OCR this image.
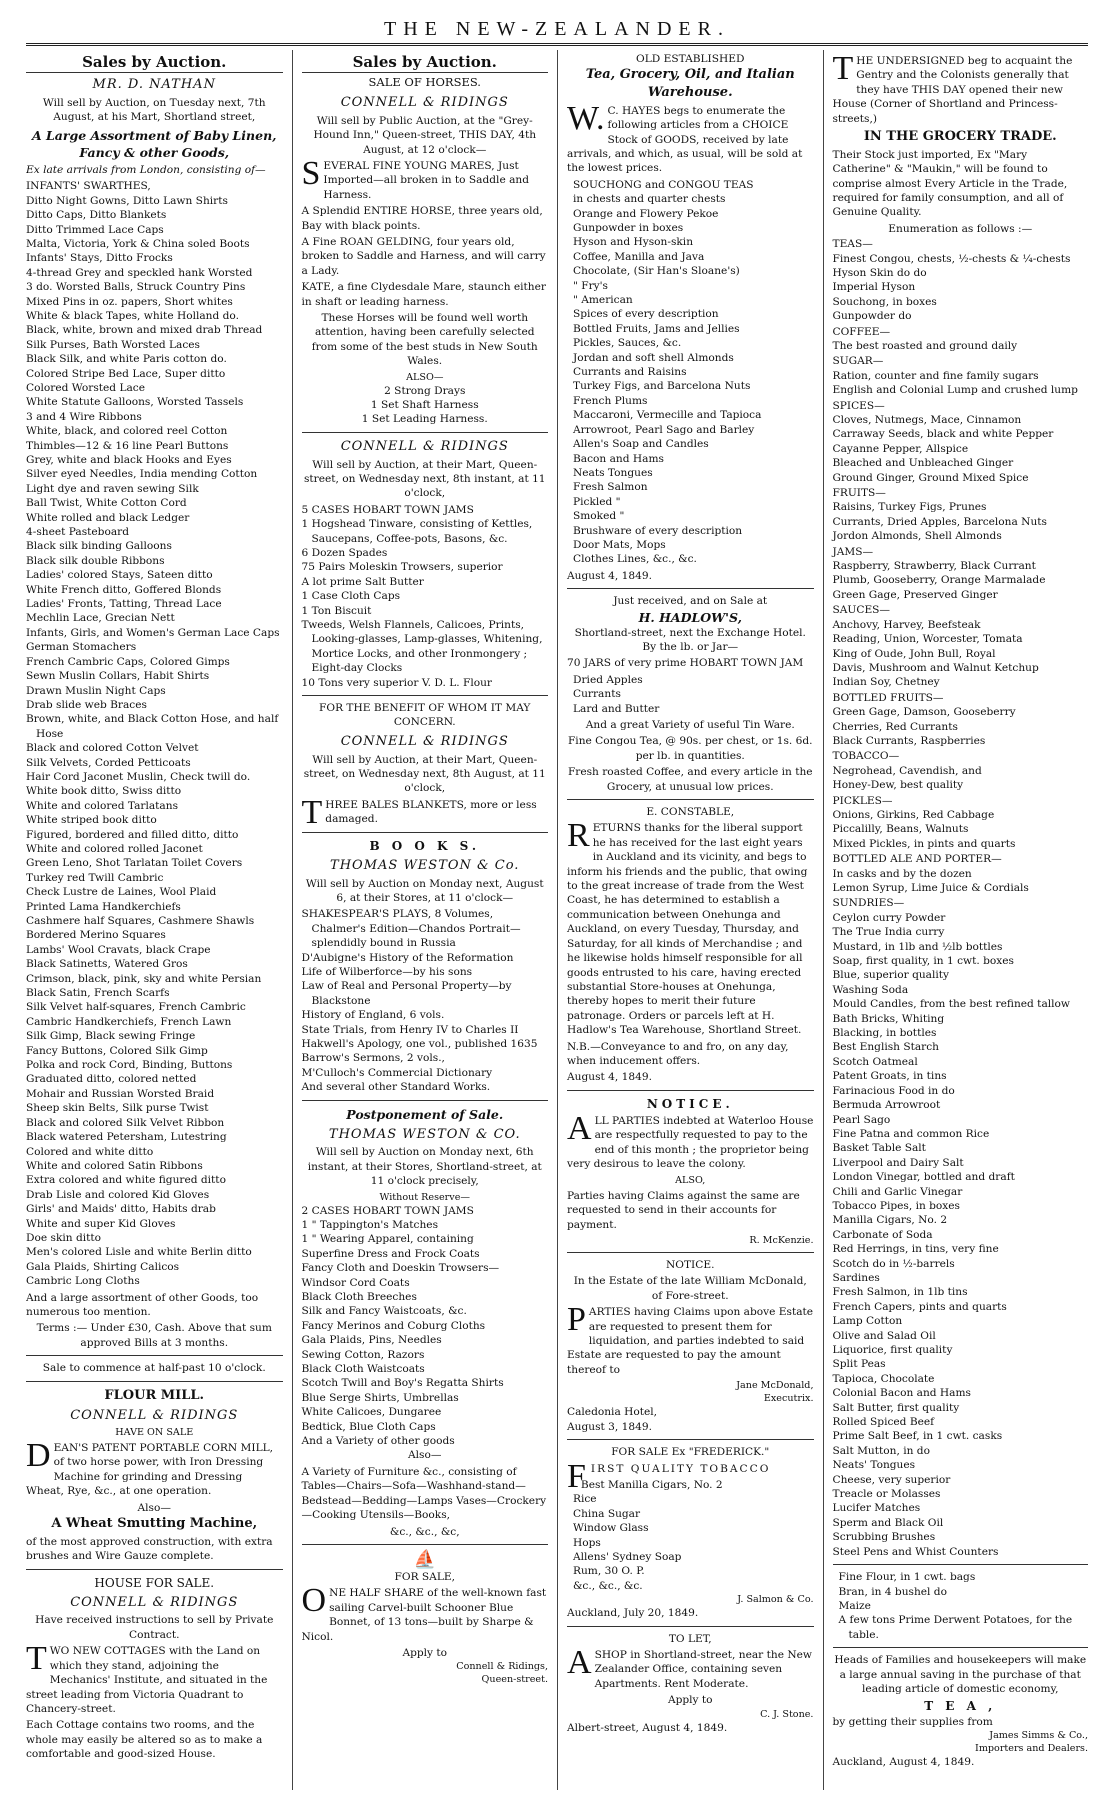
THE NEW-ZEALANDER.
Sales by Auction.
MR. D. NATHAN

Will sell by Auction, on Tuesday next, 7th August, at his Mart, Shortland street,

A Large Assortment of Baby Linen, Fancy & other Goods,

Ex late arrivals from London, consisting of—

INFANTS' SWARTHES,
Ditto Night Gowns, Ditto Lawn Shirts
Ditto Caps, Ditto Blankets
Ditto Trimmed Lace Caps
Malta, Victoria, York & China soled Boots
Infants' Stays, Ditto Frocks
4-thread Grey and speckled hank Worsted
3 do. Worsted Balls, Struck Country Pins
Mixed Pins in oz. papers, Short whites
White & black Tapes, white Holland do.
Black, white, brown and mixed drab Thread
Silk Purses, Bath Worsted Laces
Black Silk, and white Paris cotton do.
Colored Stripe Bed Lace, Super ditto
Colored Worsted Lace
White Statute Galloons, Worsted Tassels
3 and 4 Wire Ribbons
White, black, and colored reel Cotton
Thimbles—12 & 16 line Pearl Buttons
Grey, white and black Hooks and Eyes
Silver eyed Needles, India mending Cotton
Light dye and raven sewing Silk
Ball Twist, White Cotton Cord
White rolled and black Ledger
4-sheet Pasteboard
Black silk binding Galloons
Black silk double Ribbons
Ladies' colored Stays, Sateen ditto
White French ditto, Goffered Blonds
Ladies' Fronts, Tatting, Thread Lace
Mechlin Lace, Grecian Nett
Infants, Girls, and Women's German Lace Caps
German Stomachers
French Cambric Caps, Colored Gimps
Sewn Muslin Collars, Habit Shirts
Drawn Muslin Night Caps
Drab slide web Braces
Brown, white, and Black Cotton Hose, and half Hose
Black and colored Cotton Velvet
Silk Velvets, Corded Petticoats
Hair Cord Jaconet Muslin, Check twill do.
White book ditto, Swiss ditto
White and colored Tarlatans
White striped book ditto
Figured, bordered and filled ditto, ditto
White and colored rolled Jaconet
Green Leno, Shot Tarlatan Toilet Covers
Turkey red Twill Cambric
Check Lustre de Laines, Wool Plaid
Printed Lama Handkerchiefs
Cashmere half Squares, Cashmere Shawls
Bordered Merino Squares
Lambs' Wool Cravats, black Crape
Black Satinetts, Watered Gros
Crimson, black, pink, sky and white Persian
Black Satin, French Scarfs
Silk Velvet half-squares, French Cambric
Cambric Handkerchiefs, French Lawn
Silk Gimp, Black sewing Fringe
Fancy Buttons, Colored Silk Gimp
Polka and rock Cord, Binding, Buttons
Graduated ditto, colored netted
Mohair and Russian Worsted Braid
Sheep skin Belts, Silk purse Twist
Black and colored Silk Velvet Ribbon
Black watered Petersham, Lutestring
Colored and white ditto
White and colored Satin Ribbons
Extra colored and white figured ditto
Drab Lisle and colored Kid Gloves
Girls' and Maids' ditto, Habits drab
White and super Kid Gloves
Doe skin ditto
Men's colored Lisle and white Berlin ditto
Gala Plaids, Shirting Calicos
Cambric Long Cloths

And a large assortment of other Goods, too numerous too mention.

Terms :— Under £30, Cash. Above that sum approved Bills at 3 months.

Sale to commence at half-past 10 o'clock.

FLOUR MILL.
CONNELL & RIDINGS
HAVE ON SALE

DEAN'S PATENT PORTABLE CORN MILL, of two horse power, with Iron Dressing Machine for grinding and Dressing Wheat, Rye, &c., at one operation.

Also—
A Wheat Smutting Machine,

of the most approved construction, with extra brushes and Wire Gauze complete.

HOUSE FOR SALE.
CONNELL & RIDINGS

Have received instructions to sell by Private Contract.

TWO NEW COTTAGES with the Land on which they stand, adjoining the Mechanics' Institute, and situated in the street leading from Victoria Quadrant to Chancery-street.

Each Cottage contains two rooms, and the whole may easily be altered so as to make a comfortable and good-sized House.

Sales by Auction.
SALE OF HORSES.
CONNELL & RIDINGS

Will sell by Public Auction, at the "Grey-Hound Inn," Queen-street, THIS DAY, 4th August, at 12 o'clock—

SEVERAL FINE YOUNG MARES, Just Imported—all broken in to Saddle and Harness.

A Splendid ENTIRE HORSE, three years old, Bay with black points.

A Fine ROAN GELDING, four years old, broken to Saddle and Harness, and will carry a Lady.

KATE, a fine Clydesdale Mare, staunch either in shaft or leading harness.

These Horses will be found well worth attention, having been carefully selected from some of the best studs in New South Wales.

ALSO—
2 Strong Drays
1 Set Shaft Harness
1 Set Leading Harness.
CONNELL & RIDINGS

Will sell by Auction, at their Mart, Queen-street, on Wednesday next, 8th instant, at 11 o'clock,

5 CASES HOBART TOWN JAMS
1 Hogshead Tinware, consisting of Kettles, Saucepans, Coffee-pots, Basons, &c.
6 Dozen Spades
75 Pairs Moleskin Trowsers, superior
A lot prime Salt Butter
1 Case Cloth Caps
1 Ton Biscuit
Tweeds, Welsh Flannels, Calicoes, Prints, Looking-glasses, Lamp-glasses, Whitening, Mortice Locks, and other Ironmongery ; Eight-day Clocks
10 Tons very superior V. D. L. Flour
FOR THE BENEFIT OF WHOM IT MAY CONCERN.
CONNELL & RIDINGS

Will sell by Auction, at their Mart, Queen-street, on Wednesday next, 8th August, at 11 o'clock,

THREE BALES BLANKETS, more or less damaged.

B O O K S.
THOMAS WESTON & Co.

Will sell by Auction on Monday next, August 6, at their Stores, at 11 o'clock—

SHAKESPEAR'S PLAYS, 8 Volumes, Chalmer's Edition—Chandos Portrait—splendidly bound in Russia
D'Aubigne's History of the Reformation
Life of Wilberforce—by his sons
Law of Real and Personal Property—by Blackstone
History of England, 6 vols.
State Trials, from Henry IV to Charles II
Hakwell's Apology, one vol., published 1635
Barrow's Sermons, 2 vols.,
M'Culloch's Commercial Dictionary
And several other Standard Works.
Postponement of Sale.
THOMAS WESTON & CO.

Will sell by Auction on Monday next, 6th instant, at their Stores, Shortland-street, at 11 o'clock precisely,

Without Reserve—
2 CASES HOBART TOWN JAMS
1 " Tappington's Matches
1 " Wearing Apparel, containing
Superfine Dress and Frock Coats
Fancy Cloth and Doeskin Trowsers—
Windsor Cord Coats
Black Cloth Breeches
Silk and Fancy Waistcoats, &c.
Fancy Merinos and Coburg Cloths
Gala Plaids, Pins, Needles
Sewing Cotton, Razors
Black Cloth Waistcoats
Scotch Twill and Boy's Regatta Shirts
Blue Serge Shirts, Umbrellas
White Calicoes, Dungaree
Bedtick, Blue Cloth Caps
And a Variety of other goods
Also—

A Variety of Furniture &c., consisting of Tables—Chairs—Sofa—Washhand-stand—Bedstead—Bedding—Lamps Vases—Crockery—Cooking Utensils—Books,

&c., &c., &c,
⛵
FOR SALE,

ONE HALF SHARE of the well-known fast sailing Carvel-built Schooner Blue Bonnet, of 13 tons—built by Sharpe & Nicol.

Apply to
Connell & Ridings,
Queen-street.
OLD ESTABLISHED
Tea, Grocery, Oil, and Italian Warehouse.

W.C. HAYES begs to enumerate the following articles from a CHOICE Stock of GOODS, received by late arrivals, and which, as usual, will be sold at the lowest prices.

SOUCHONG and CONGOU TEAS
in chests and quarter chests
Orange and Flowery Pekoe
Gunpowder in boxes
Hyson and Hyson-skin
Coffee, Manilla and Java
Chocolate, (Sir Han's Sloane's)
" Fry's
" American
Spices of every description
Bottled Fruits, Jams and Jellies
Pickles, Sauces, &c.
Jordan and soft shell Almonds
Currants and Raisins
Turkey Figs, and Barcelona Nuts
French Plums
Maccaroni, Vermecille and Tapioca
Arrowroot, Pearl Sago and Barley
Allen's Soap and Candles
Bacon and Hams
Neats Tongues
Fresh Salmon
Pickled "
Smoked "
Brushware of every description
Door Mats, Mops
Clothes Lines, &c., &c.

August 4, 1849.

Just received, and on Sale at
H. HADLOW'S,
Shortland-street, next the Exchange Hotel.
By the lb. or Jar—

70 JARS of very prime HOBART TOWN JAM

Dried Apples
Currants
Lard and Butter

And a great Variety of useful Tin Ware.

Fine Congou Tea, @ 90s. per chest, or 1s. 6d. per lb. in quantities.

Fresh roasted Coffee, and every article in the Grocery, at unusual low prices.

E. CONSTABLE,

RETURNS thanks for the liberal support he has received for the last eight years in Auckland and its vicinity, and begs to inform his friends and the public, that owing to the great increase of trade from the West Coast, he has determined to establish a communication between Onehunga and Auckland, on every Tuesday, Thursday, and Saturday, for all kinds of Merchandise ; and he likewise holds himself responsible for all goods entrusted to his care, having erected substantial Store-houses at Onehunga, thereby hopes to merit their future patronage. Orders or parcels left at H. Hadlow's Tea Warehouse, Shortland Street.

N.B.—Conveyance to and fro, on any day, when inducement offers.

August 4, 1849.

NOTICE.

ALL PARTIES indebted at Waterloo House are respectfully requested to pay to the end of this month ; the proprietor being very desirous to leave the colony.

ALSO,

Parties having Claims against the same are requested to send in their accounts for payment.

R. McKenzie.
NOTICE.

In the Estate of the late William McDonald, of Fore-street.

PARTIES having Claims upon above Estate are requested to present them for liquidation, and parties indebted to said Estate are requested to pay the amount thereof to

Jane McDonald,
Executrix.
Caledonia Hotel,
August 3, 1849.
FOR SALE Ex "FREDERICK."

FIRST QUALITY TOBACCO

Best Manilla Cigars, No. 2
Rice
China Sugar
Window Glass
Hops
Allens' Sydney Soap
Rum, 30 O. P.
&c., &c., &c.
J. Salmon & Co.
Auckland, July 20, 1849.
TO LET,

ASHOP in Shortland-street, near the New Zealander Office, containing seven Apartments. Rent Moderate.

Apply to
C. J. Stone.
Albert-street, August 4, 1849.

THE UNDERSIGNED beg to acquaint the Gentry and the Colonists generally that they have THIS DAY opened their new House (Corner of Shortland and Princess-streets,)

IN THE GROCERY TRADE.

Their Stock just imported, Ex "Mary Catherine" & "Maukin," will be found to comprise almost Every Article in the Trade, required for family consumption, and all of Genuine Quality.

Enumeration as follows :—
TEAS—
Finest Congou, chests, ½-chests & ¼-chests
Hyson Skin do do
Imperial Hyson
Souchong, in boxes
Gunpowder do
COFFEE—
The best roasted and ground daily
SUGAR—
Ration, counter and fine family sugars
English and Colonial Lump and crushed lump
SPICES—
Cloves, Nutmegs, Mace, Cinnamon
Carraway Seeds, black and white Pepper
Cayanne Pepper, Allspice
Bleached and Unbleached Ginger
Ground Ginger, Ground Mixed Spice
FRUITS—
Raisins, Turkey Figs, Prunes
Currants, Dried Apples, Barcelona Nuts
Jordon Almonds, Shell Almonds
JAMS—
Raspberry, Strawberry, Black Currant
Plumb, Gooseberry, Orange Marmalade
Green Gage, Preserved Ginger
SAUCES—
Anchovy, Harvey, Beefsteak
Reading, Union, Worcester, Tomata
King of Oude, John Bull, Royal
Davis, Mushroom and Walnut Ketchup
Indian Soy, Chetney
BOTTLED FRUITS—
Green Gage, Damson, Gooseberry
Cherries, Red Currants
Black Currants, Raspberries
TOBACCO—
Negrohead, Cavendish, and
Honey-Dew, best quality
PICKLES—
Onions, Girkins, Red Cabbage
Piccalilly, Beans, Walnuts
Mixed Pickles, in pints and quarts
BOTTLED ALE AND PORTER—
In casks and by the dozen
Lemon Syrup, Lime Juice & Cordials
SUNDRIES—
Ceylon curry Powder
The True India curry
Mustard, in 1lb and ½lb bottles
Soap, first quality, in 1 cwt. boxes
Blue, superior quality
Washing Soda
Mould Candles, from the best refined tallow
Bath Bricks, Whiting
Blacking, in bottles
Best English Starch
Scotch Oatmeal
Patent Groats, in tins
Farinacious Food in do
Bermuda Arrowroot
Pearl Sago
Fine Patna and common Rice
Basket Table Salt
Liverpool and Dairy Salt
London Vinegar, bottled and draft
Chili and Garlic Vinegar
Tobacco Pipes, in boxes
Manilla Cigars, No. 2
Carbonate of Soda
Red Herrings, in tins, very fine
Scotch do in ½-barrels
Sardines
Fresh Salmon, in 1lb tins
French Capers, pints and quarts
Lamp Cotton
Olive and Salad Oil
Liquorice, first quality
Split Peas
Tapioca, Chocolate
Colonial Bacon and Hams
Salt Butter, first quality
Rolled Spiced Beef
Prime Salt Beef, in 1 cwt. casks
Salt Mutton, in do
Neats' Tongues
Cheese, very superior
Treacle or Molasses
Lucifer Matches
Sperm and Black Oil
Scrubbing Brushes
Steel Pens and Whist Counters
Fine Flour, in 1 cwt. bags
Bran, in 4 bushel do
Maize
A few tons Prime Derwent Potatoes, for the table.

Heads of Families and housekeepers will make a large annual saving in the purchase of that leading article of domestic economy,

T E A ,
by getting their supplies from
James Simms & Co.,
Importers and Dealers.
Auckland, August 4, 1849.
